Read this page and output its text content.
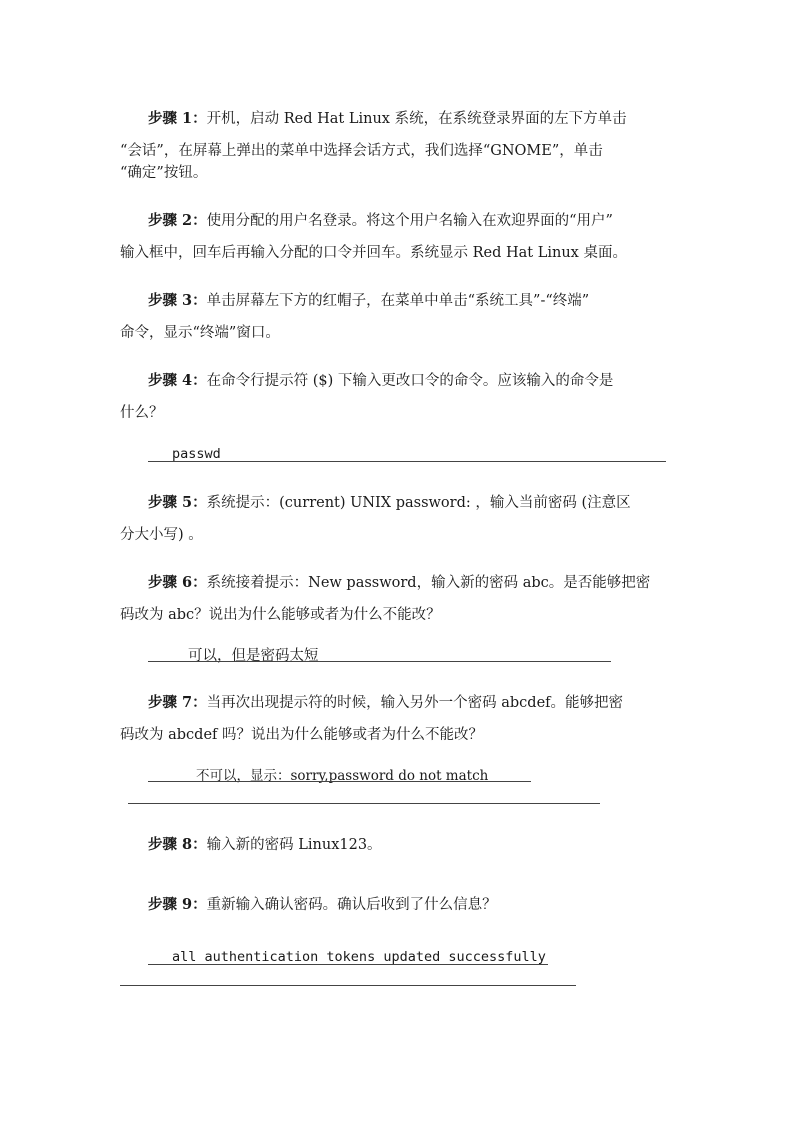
步骤 1：开机，启动 Red Hat Linux 系统，在系统登录界面的左下方单击
“会话”，在屏幕上弹出的菜单中选择会话方式，我们选择“GNOME”，单击
“确定”按钮。
步骤 2：使用分配的用户名登录。将这个用户名输入在欢迎界面的“用户”
输入框中，回车后再输入分配的口令并回车。系统显示 Red Hat Linux 桌面。
步骤 3：单击屏幕左下方的红帽子，在菜单中单击“系统工具”-“终端”
命令，显示“终端”窗口。
步骤 4：在命令行提示符 ($) 下输入更改口令的命令。应该输入的命令是
什么？
passwd
步骤 5：系统提示：(current) UNIX password: ，输入当前密码 (注意区
分大小写) 。
步骤 6：系统接着提示：New password，输入新的密码 abc。是否能够把密
码改为 abc？说出为什么能够或者为什么不能改？
可以，但是密码太短
步骤 7：当再次出现提示符的时候，输入另外一个密码 abcdef。能够把密
码改为 abcdef 吗？说出为什么能够或者为什么不能改？
不可以，显示：sorry,password do not match
步骤 8：输入新的密码 Linux123。
步骤 9：重新输入确认密码。确认后收到了什么信息？
all authentication tokens updated successfully
